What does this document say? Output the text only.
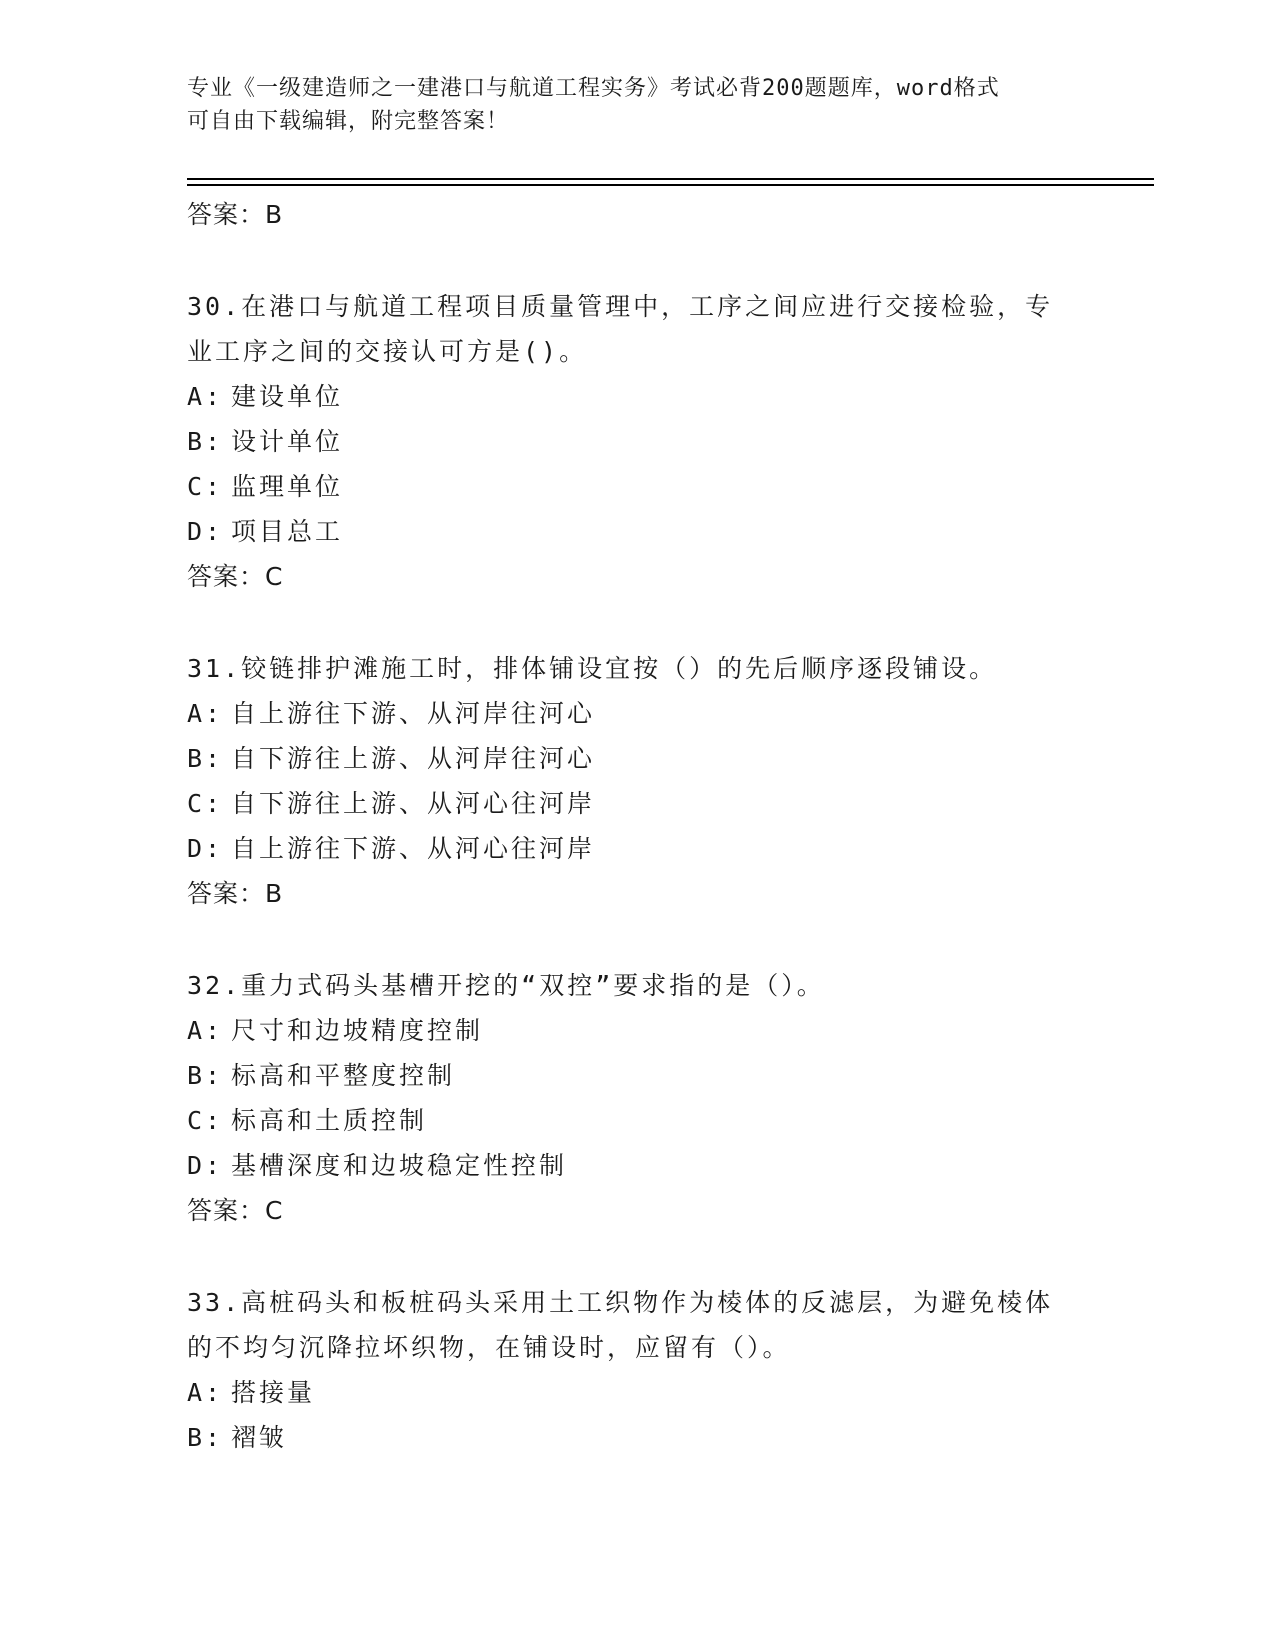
专业《一级建造师之一建港口与航道工程实务》考试必背200题题库，word格式
可自由下载编辑，附完整答案！
答案：B
30.在港口与航道工程项目质量管理中，工序之间应进行交接检验，专
业工序之间的交接认可方是()。
A: 建设单位
B: 设计单位
C: 监理单位
D: 项目总工
答案：C
31.铰链排护滩施工时，排体铺设宜按（）的先后顺序逐段铺设。
A: 自上游往下游、从河岸往河心
B: 自下游往上游、从河岸往河心
C: 自下游往上游、从河心往河岸
D: 自上游往下游、从河心往河岸
答案：B
32.重力式码头基槽开挖的“双控”要求指的是（）。
A: 尺寸和边坡精度控制
B: 标高和平整度控制
C: 标高和土质控制
D: 基槽深度和边坡稳定性控制
答案：C
33.高桩码头和板桩码头采用土工织物作为棱体的反滤层，为避免棱体
的不均匀沉降拉坏织物，在铺设时，应留有（）。
A: 搭接量
B: 褶皱
